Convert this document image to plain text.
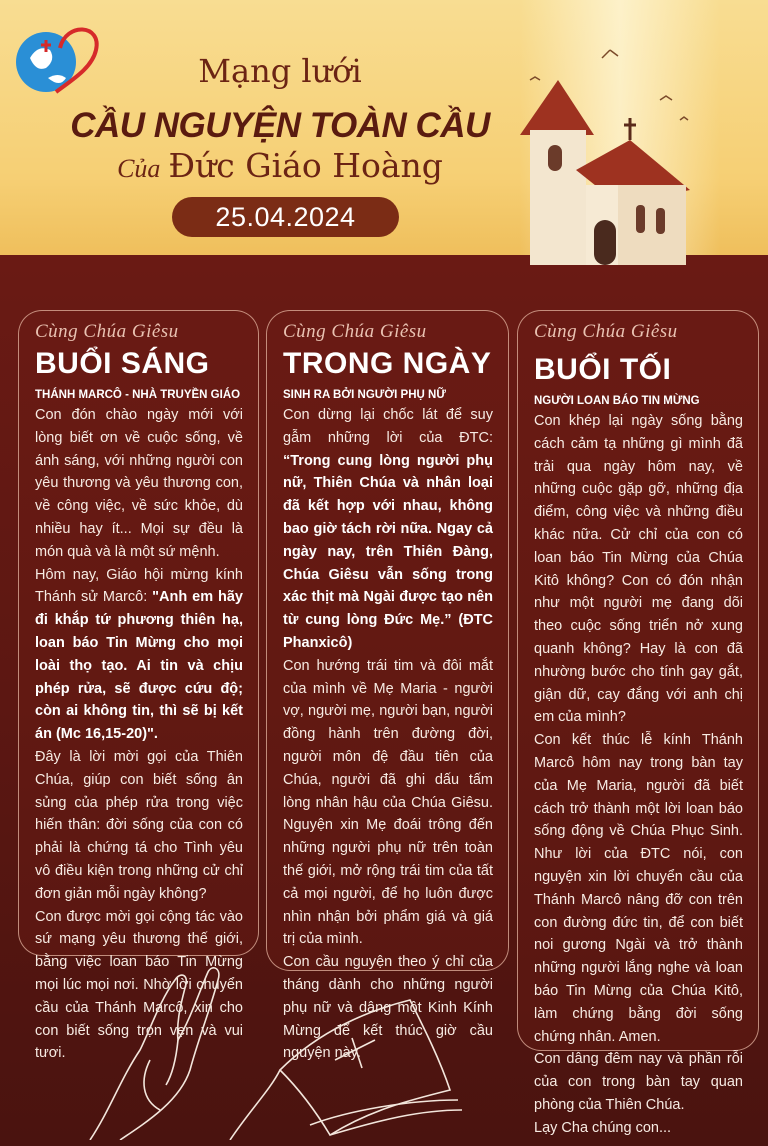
Mạng lưới
CẦU NGUYỆN TOÀN CẦU
Của Đức Giáo Hoàng
25.04.2024
Cùng Chúa Giêsu
BUỔI SÁNG
THÁNH MARCÔ - NHÀ TRUYỀN GIÁO

Con đón chào ngày mới với lòng biết ơn về cuộc sống, về ánh sáng, với những người con yêu thương và yêu thương con, về công việc, về sức khỏe, dù nhiều hay ít... Mọi sự đều là món quà và là một sứ mệnh.

Hôm nay, Giáo hội mừng kính Thánh sử Marcô: "Anh em hãy đi khắp tứ phương thiên hạ, loan báo Tin Mừng cho mọi loài thọ tạo. Ai tin và chịu phép rửa, sẽ được cứu độ; còn ai không tin, thì sẽ bị kết án (Mc 16,15-20)".

Đây là lời mời gọi của Thiên Chúa, giúp con biết sống ân sủng của phép rửa trong việc hiến thân: đời sống của con có phải là chứng tá cho Tình yêu vô điều kiện trong những cử chỉ đơn giản mỗi ngày không?

Con được mời gọi cộng tác vào sứ mạng yêu thương thế giới, bằng việc loan báo Tin Mừng mọi lúc mọi nơi. Nhờ lời chuyển cầu của Thánh Marcô, xin cho con biết sống trọn vẹn và vui tươi.

Cùng Chúa Giêsu
TRONG NGÀY
SINH RA BỞI NGƯỜI PHỤ NỮ

Con dừng lại chốc lát để suy gẫm những lời của ĐTC: “Trong cung lòng người phụ nữ, Thiên Chúa và nhân loại đã kết hợp với nhau, không bao giờ tách rời nữa. Ngay cả ngày nay, trên Thiên Đàng, Chúa Giêsu vẫn sống trong xác thịt mà Ngài được tạo nên từ cung lòng Đức Mẹ.” (ĐTC Phanxicô)

Con hướng trái tim và đôi mắt của mình về Mẹ Maria - người vợ, người mẹ, người bạn, người đồng hành trên đường đời, người môn đệ đầu tiên của Chúa, người đã ghi dấu tấm lòng nhân hậu của Chúa Giêsu. Nguyện xin Mẹ đoái trông đến những người phụ nữ trên toàn thế giới, mở rộng trái tim của tất cả mọi người, để họ luôn được nhìn nhận bởi phẩm giá và giá trị của mình.

Con cầu nguyện theo ý chỉ của tháng dành cho những người phụ nữ và dâng một Kinh Kính Mừng để kết thúc giờ cầu nguyện này.

Cùng Chúa Giêsu
BUỔI TỐI
NGƯỜI LOAN BÁO TIN MỪNG

Con khép lại ngày sống bằng cách cảm tạ những gì mình đã trải qua ngày hôm nay, về những cuộc gặp gỡ, những địa điểm, công việc và những điều khác nữa. Cử chỉ của con có loan báo Tin Mừng của Chúa Kitô không? Con có đón nhận như một người mẹ đang dõi theo cuộc sống triển nở xung quanh không? Hay là con đã nhường bước cho tính gay gắt, giận dữ, cay đắng với anh chị em của mình?

Con kết thúc lễ kính Thánh Marcô hôm nay trong bàn tay của Mẹ Maria, người đã biết cách trở thành một lời loan báo sống động về Chúa Phục Sinh. Như lời của ĐTC nói, con nguyện xin lời chuyển cầu của Thánh Marcô nâng đỡ con trên con đường đức tin, để con biết noi gương Ngài và trở thành những người lắng nghe và loan báo Tin Mừng của Chúa Kitô, làm chứng bằng đời sống chứng nhân. Amen.

Con dâng đêm nay và phần rỗi của con trong bàn tay quan phòng của Thiên Chúa.

Lạy Cha chúng con...
